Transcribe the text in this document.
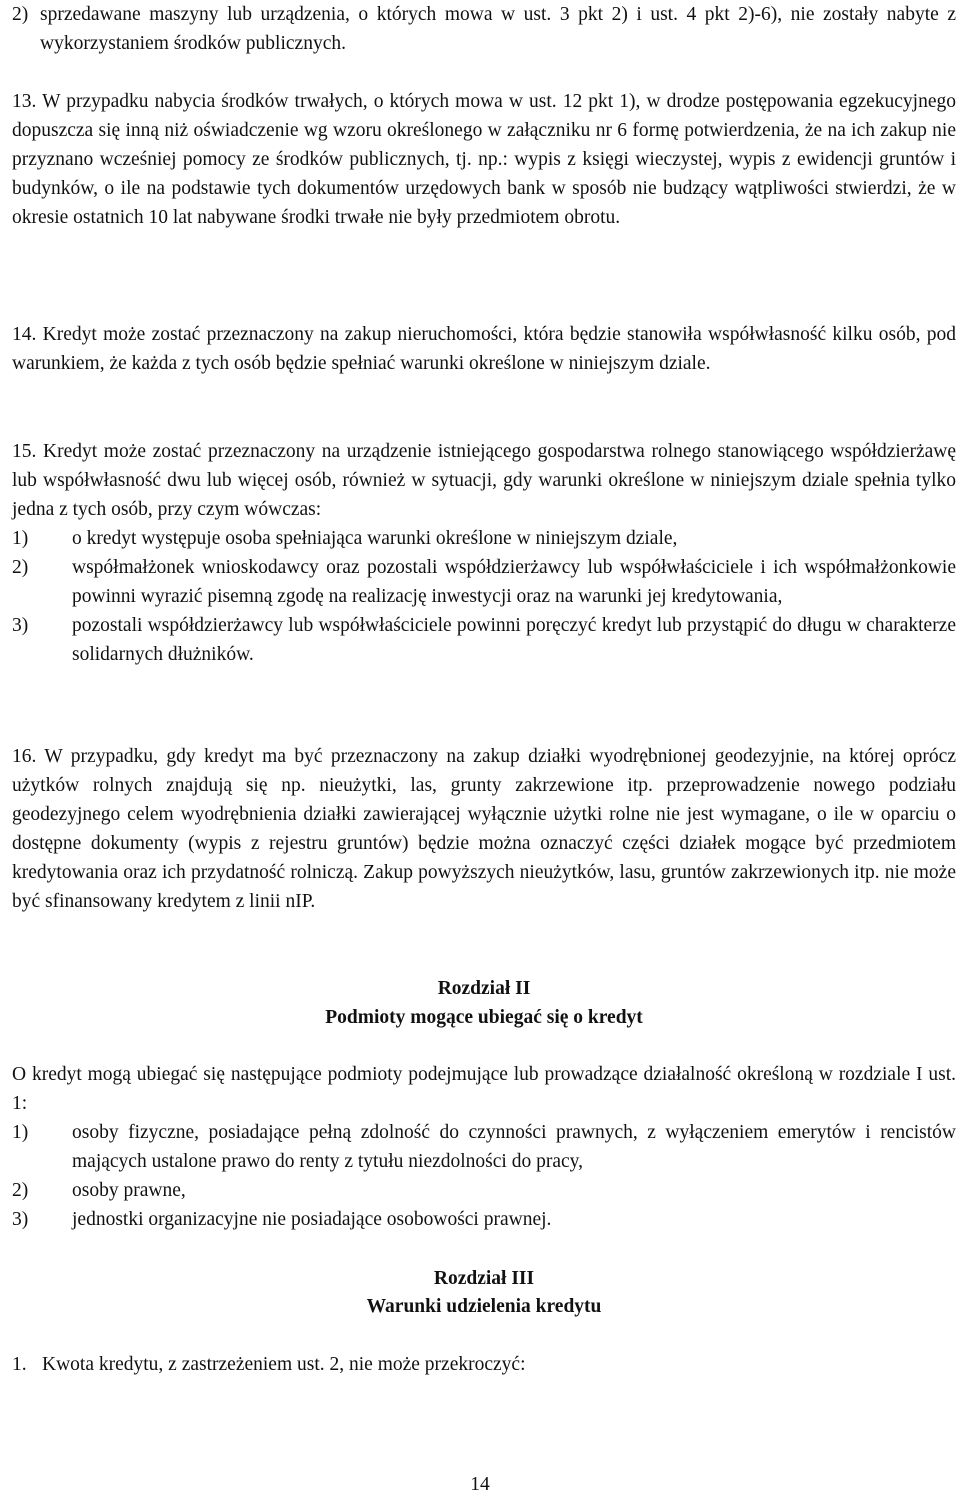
2) sprzedawane maszyny lub urządzenia, o których mowa w ust. 3 pkt 2) i ust. 4 pkt 2)-6), nie zostały nabyte z wykorzystaniem środków publicznych.

13. W przypadku nabycia środków trwałych, o których mowa w ust. 12 pkt 1), w drodze postępowania egzekucyjnego dopuszcza się inną niż oświadczenie wg wzoru określonego w załączniku nr 6 formę potwierdzenia, że na ich zakup nie przyznano wcześniej pomocy ze środków publicznych, tj. np.: wypis z księgi wieczystej, wypis z ewidencji gruntów i budynków, o ile na podstawie tych dokumentów urzędowych bank w sposób nie budzący wątpliwości stwierdzi, że w okresie ostatnich 10 lat nabywane środki trwałe nie były przedmiotem obrotu.

14. Kredyt może zostać przeznaczony na zakup nieruchomości, która będzie stanowiła współwłasność kilku osób, pod warunkiem, że każda z tych osób będzie spełniać warunki określone w niniejszym dziale.

15. Kredyt może zostać przeznaczony na urządzenie istniejącego gospodarstwa rolnego stanowiącego współdzierżawę lub współwłasność dwu lub więcej osób, również w sytuacji, gdy warunki określone w niniejszym dziale spełnia tylko jedna z tych osób, przy czym wówczas:

1)	o kredyt występuje osoba spełniająca warunki określone w niniejszym dziale,
2)	współmałżonek wnioskodawcy oraz pozostali współdzierżawcy lub współwłaściciele i ich współmałżonkowie powinni wyrazić pisemną zgodę na realizację inwestycji oraz na warunki jej kredytowania,
3)	pozostali współdzierżawcy lub współwłaściciele powinni poręczyć kredyt lub przystąpić do długu w charakterze solidarnych dłużników.

16. W przypadku, gdy kredyt ma być przeznaczony na zakup działki wyodrębnionej geodezyjnie, na której oprócz użytków rolnych znajdują się np. nieużytki, las, grunty zakrzewione itp. przeprowadzenie nowego podziału geodezyjnego celem wyodrębnienia działki zawierającej wyłącznie użytki rolne nie jest wymagane, o ile w oparciu o dostępne dokumenty (wypis z rejestru gruntów) będzie można oznaczyć części działek mogące być przedmiotem kredytowania oraz ich przydatność rolniczą. Zakup powyższych nieużytków, lasu, gruntów zakrzewionych itp. nie może być sfinansowany kredytem z linii nIP.

Rozdział II
Podmioty mogące ubiegać się o kredyt

O kredyt mogą ubiegać się następujące podmioty podejmujące lub prowadzące działalność określoną w rozdziale I ust. 1:

1)	osoby fizyczne, posiadające pełną zdolność do czynności prawnych, z wyłączeniem emerytów i rencistów mających ustalone prawo do renty z tytułu niezdolności do pracy,
2)	osoby prawne,
3)	jednostki organizacyjne nie posiadające osobowości prawnej.
Rozdział III
Warunki udzielenia kredytu
1. Kwota kredytu, z zastrzeżeniem ust. 2, nie może przekroczyć:
14
